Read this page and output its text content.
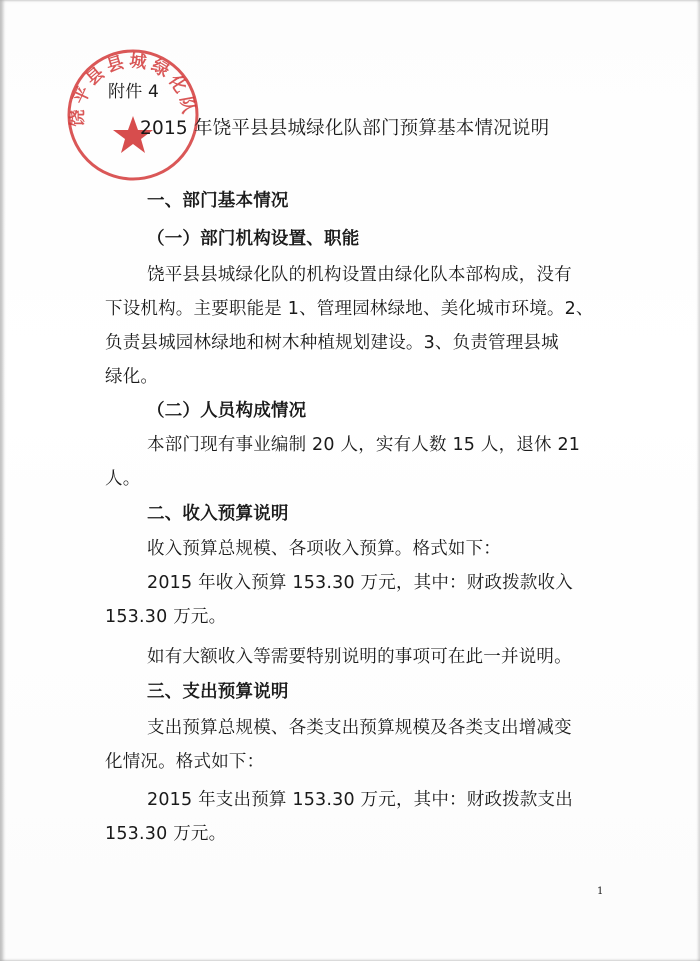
饶平县县城绿化队
附件 4
2015 年饶平县县城绿化队部门预算基本情况说明
一、部门基本情况
（一）部门机构设置、职能
饶平县县城绿化队的机构设置由绿化队本部构成，没有
下设机构。主要职能是 1、管理园林绿地、美化城市环境。2、
负责县城园林绿地和树木种植规划建设。3、负责管理县城
绿化。
（二）人员构成情况
本部门现有事业编制 20 人，实有人数 15 人，退休 21
人。
二、收入预算说明
收入预算总规模、各项收入预算。格式如下：
2015 年收入预算 153.30 万元，其中：财政拨款收入
153.30 万元。
如有大额收入等需要特别说明的事项可在此一并说明。
三、支出预算说明
支出预算总规模、各类支出预算规模及各类支出增减变
化情况。格式如下：
2015 年支出预算 153.30 万元，其中：财政拨款支出
153.30 万元。
1
